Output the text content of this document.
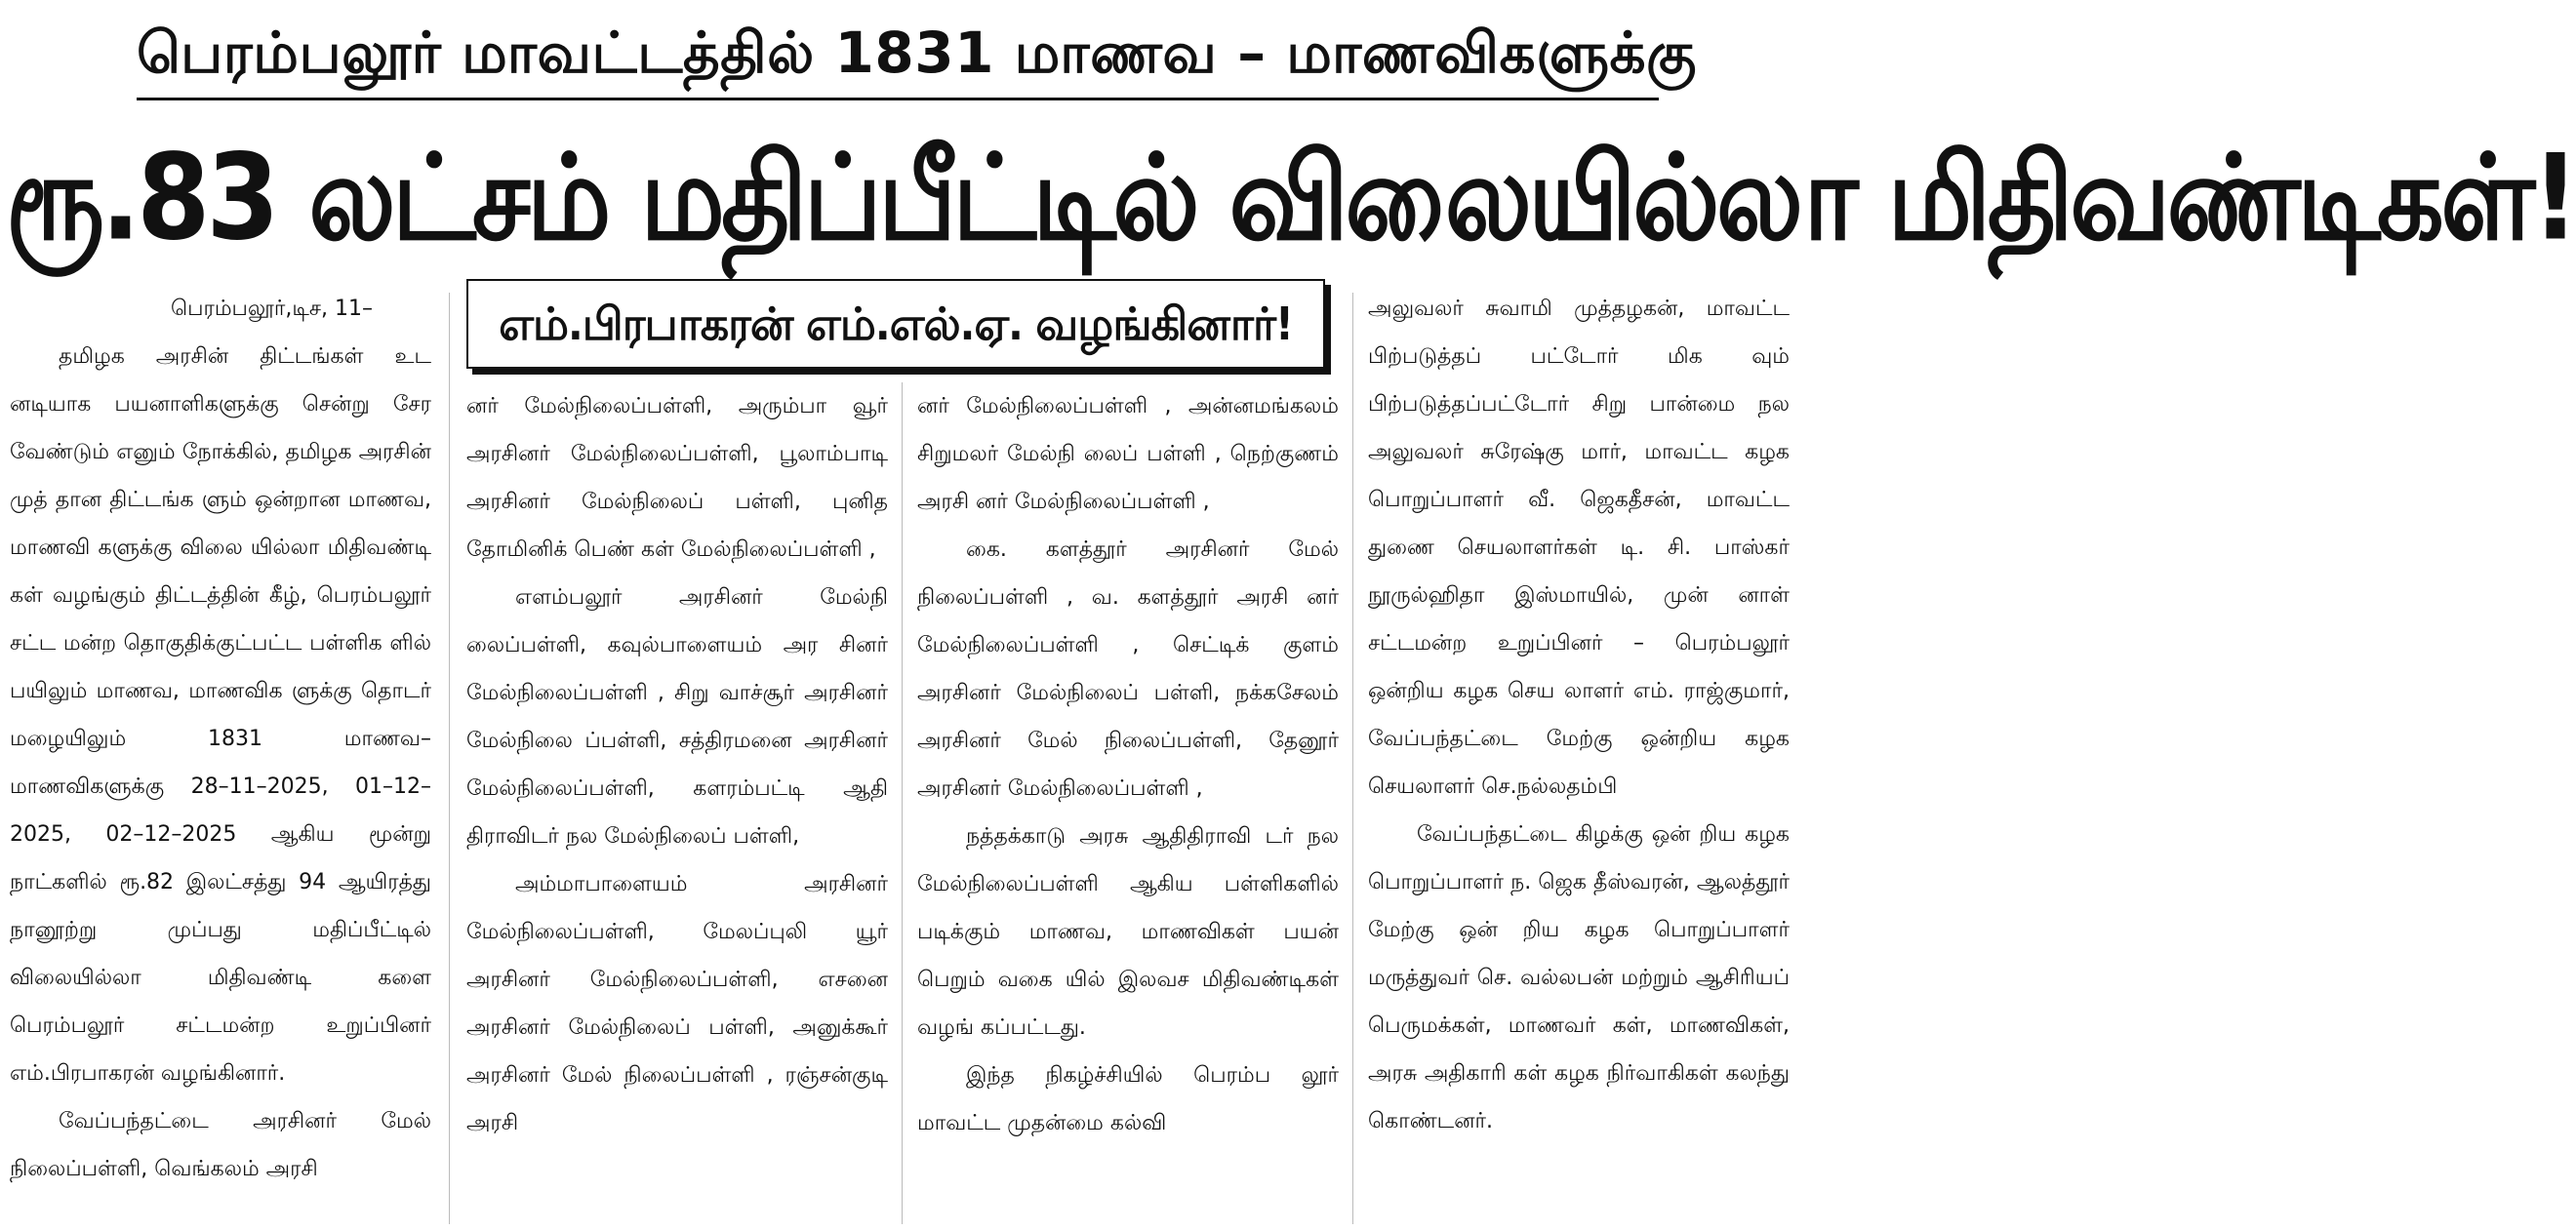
பெரம்பலூர் மாவட்டத்தில் 1831 மாணவ – மாணவிகளுக்கு
ரூ.83 லட்சம் மதிப்பீட்டில் விலையில்லா மிதிவண்டிகள்!
எம்.பிரபாகரன் எம்.எல்.ஏ. வழங்கினார்!

பெரம்பலூர்,டிச, 11–

தமிழக அரசின் திட்டங்கள் உட னடியாக பயனாளிகளுக்கு சென்று சேர வேண்டும் எனும் நோக்கில், தமிழக அரசின் முத் தான திட்டங்க ளும் ஒன்றான மாணவ, மாணவி களுக்கு விலை யில்லா மிதிவண்டி கள் வழங்கும் திட்டத்தின் கீழ், பெரம்பலூர் சட்ட மன்ற தொகுதிக்குட்பட்ட பள்ளிக ளில் பயிலும் மாணவ, மாணவிக ளுக்கு தொடர் மழையிலும் 1831 மாணவ– மாணவிகளுக்கு 28–11–2025, 01–12–2025, 02–12–2025 ஆகிய மூன்று நாட்களில் ரூ.82 இலட்சத்து 94 ஆயிரத்து நானூற்று முப்பது மதிப்பீட்டில் விலையில்லா மிதிவண்டி களை பெரம்பலூர் சட்டமன்ற உறுப்பினர் எம்.பிரபாகரன் வழங்கினார்.

வேப்பந்தட்டை அரசினர் மேல் நிலைப்பள்ளி, வெங்கலம் அரசி

னர் மேல்நிலைப்பள்ளி, அரும்பா வூர் அரசினர் மேல்நிலைப்பள்ளி, பூலாம்பாடி அரசினர் மேல்நிலைப் பள்ளி, புனித தோமினிக் பெண் கள் மேல்நிலைப்பள்ளி ,

எளம்பலூர் அரசினர் மேல்நி லைப்பள்ளி, கவுல்பாளையம் அர சினர் மேல்நிலைப்பள்ளி , சிறு வாச்சூர் அரசினர் மேல்நிலை ப்பள்ளி, சத்திரமனை அரசினர் மேல்நிலைப்பள்ளி, களரம்பட்டி ஆதி திராவிடர் நல மேல்நிலைப் பள்ளி,

அம்மாபாளையம் அரசினர் மேல்நிலைப்பள்ளி, மேலப்புலி யூர் அரசினர் மேல்நிலைப்பள்ளி, எசனை அரசினர் மேல்நிலைப் பள்ளி, அனுக்கூர் அரசினர் மேல் நிலைப்பள்ளி , ரஞ்சன்குடி அரசி

னர் மேல்நிலைப்பள்ளி , அன்னமங்கலம் சிறுமலர் மேல்நி லைப் பள்ளி , நெற்குணம் அரசி னர் மேல்நிலைப்பள்ளி ,

கை. களத்தூர் அரசினர் மேல் நிலைப்பள்ளி , வ. களத்தூர் அரசி னர் மேல்நிலைப்பள்ளி , செட்டிக் குளம் அரசினர் மேல்நிலைப் பள்ளி, நக்கசேலம் அரசினர் மேல் நிலைப்பள்ளி, தேனூர் அரசினர் மேல்நிலைப்பள்ளி ,

நத்தக்காடு அரசு ஆதிதிராவி டர் நல மேல்நிலைப்பள்ளி ஆகிய பள்ளிகளில் படிக்கும் மாணவ, மாணவிகள் பயன் பெறும் வகை யில் இலவச மிதிவண்டிகள் வழங் கப்பட்டது.

இந்த நிகழ்ச்சியில் பெரம்ப லூர் மாவட்ட முதன்மை கல்வி

அலுவலர் சுவாமி முத்தழகன், மாவட்ட பிற்படுத்தப் பட்டோர் மிக வும் பிற்படுத்தப்பட்டோர் சிறு பான்மை நல அலுவலர் சுரேஷ்கு மார், மாவட்ட கழக பொறுப்பாளர் வீ. ஜெகதீசன், மாவட்ட துணை செயலாளர்கள் டி. சி. பாஸ்கர் நூருல்ஹிதா இஸ்மாயில், முன் னாள் சட்டமன்ற உறுப்பினர் – பெரம்பலூர் ஒன்றிய கழக செய லாளர் எம். ராஜ்குமார், வேப்பந்தட்டை மேற்கு ஒன்றிய கழக செயலாளர் செ.நல்லதம்பி

வேப்பந்தட்டை கிழக்கு ஒன் றிய கழக பொறுப்பாளர் ந. ஜெக தீஸ்வரன், ஆலத்தூர் மேற்கு ஒன் றிய கழக பொறுப்பாளர் மருத்துவர் செ. வல்லபன் மற்றும் ஆசிரியப் பெருமக்கள், மாணவர் கள், மாணவிகள், அரசு அதிகாரி கள் கழக நிர்வாகிகள் கலந்து கொண்டனர்.
